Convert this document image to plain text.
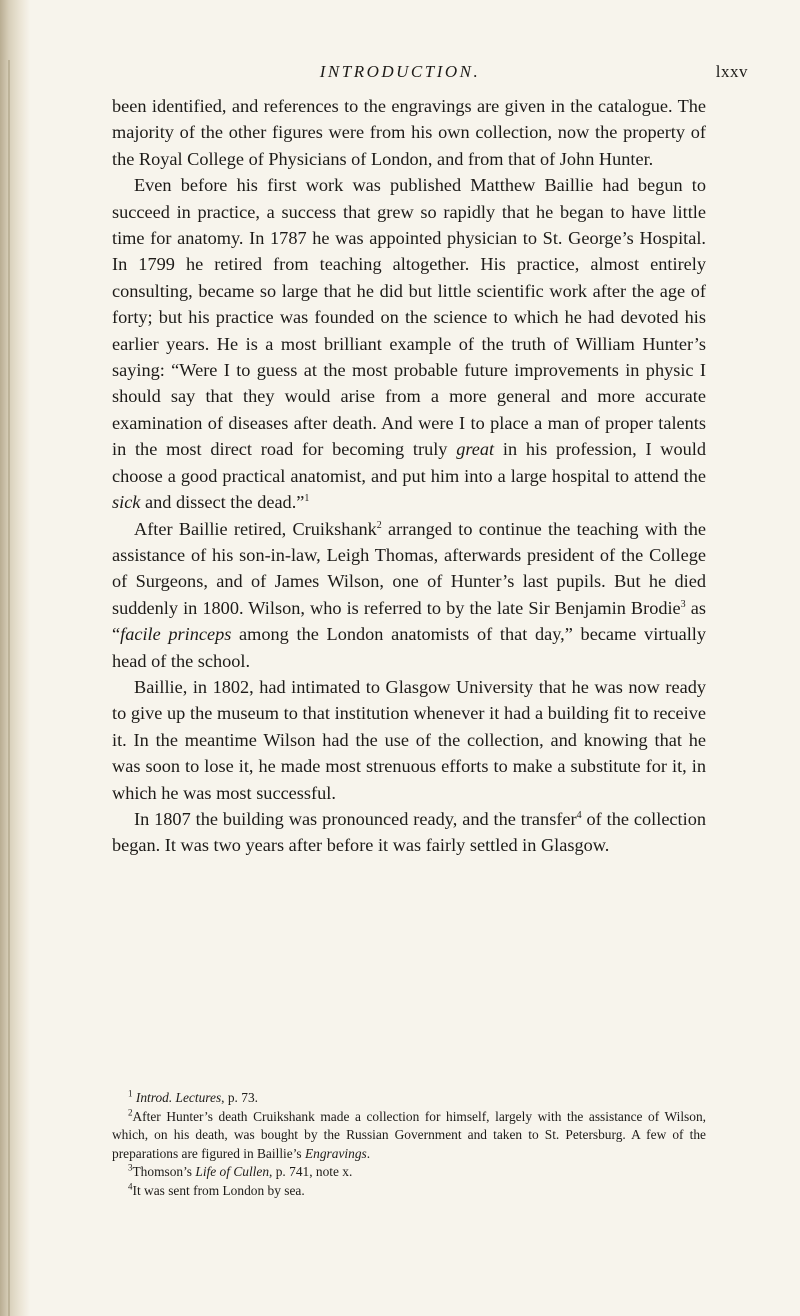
INTRODUCTION.	lxxv

been identified, and references to the engravings are given in the catalogue. The majority of the other figures were from his own collection, now the property of the Royal College of Physicians of London, and from that of John Hunter.

Even before his first work was published Matthew Baillie had begun to succeed in practice, a success that grew so rapidly that he began to have little time for anatomy. In 1787 he was appointed physician to St. George’s Hospital. In 1799 he retired from teaching altogether. His practice, almost entirely consulting, became so large that he did but little scientific work after the age of forty; but his practice was founded on the science to which he had devoted his earlier years. He is a most brilliant example of the truth of William Hunter’s saying: “Were I to guess at the most probable future improvements in physic I should say that they would arise from a more general and more accurate examination of diseases after death. And were I to place a man of proper talents in the most direct road for becoming truly great in his profession, I would choose a good practical anatomist, and put him into a large hospital to attend the sick and dissect the dead.”$^1$

After Baillie retired, Cruikshank$^2$ arranged to continue the teaching with the assistance of his son-in-law, Leigh Thomas, afterwards president of the College of Surgeons, and of James Wilson, one of Hunter’s last pupils. But he died suddenly in 1800. Wilson, who is referred to by the late Sir Benjamin Brodie$^3$ as “facile princeps among the London anatomists of that day,” became virtually head of the school.

Baillie, in 1802, had intimated to Glasgow University that he was now ready to give up the museum to that institution whenever it had a building fit to receive it. In the meantime Wilson had the use of the collection, and knowing that he was soon to lose it, he made most strenuous efforts to make a substitute for it, in which he was most successful.

In 1807 the building was pronounced ready, and the transfer$^4$ of the collection began. It was two years after before it was fairly settled in Glasgow.

$^1$ Introd. Lectures, p. 73.

$^2$After Hunter’s death Cruikshank made a collection for himself, largely with the assistance of Wilson, which, on his death, was bought by the Russian Government and taken to St. Petersburg. A few of the preparations are figured in Baillie’s Engravings.

$^3$Thomson’s Life of Cullen, p. 741, note x.

$^4$It was sent from London by sea.
